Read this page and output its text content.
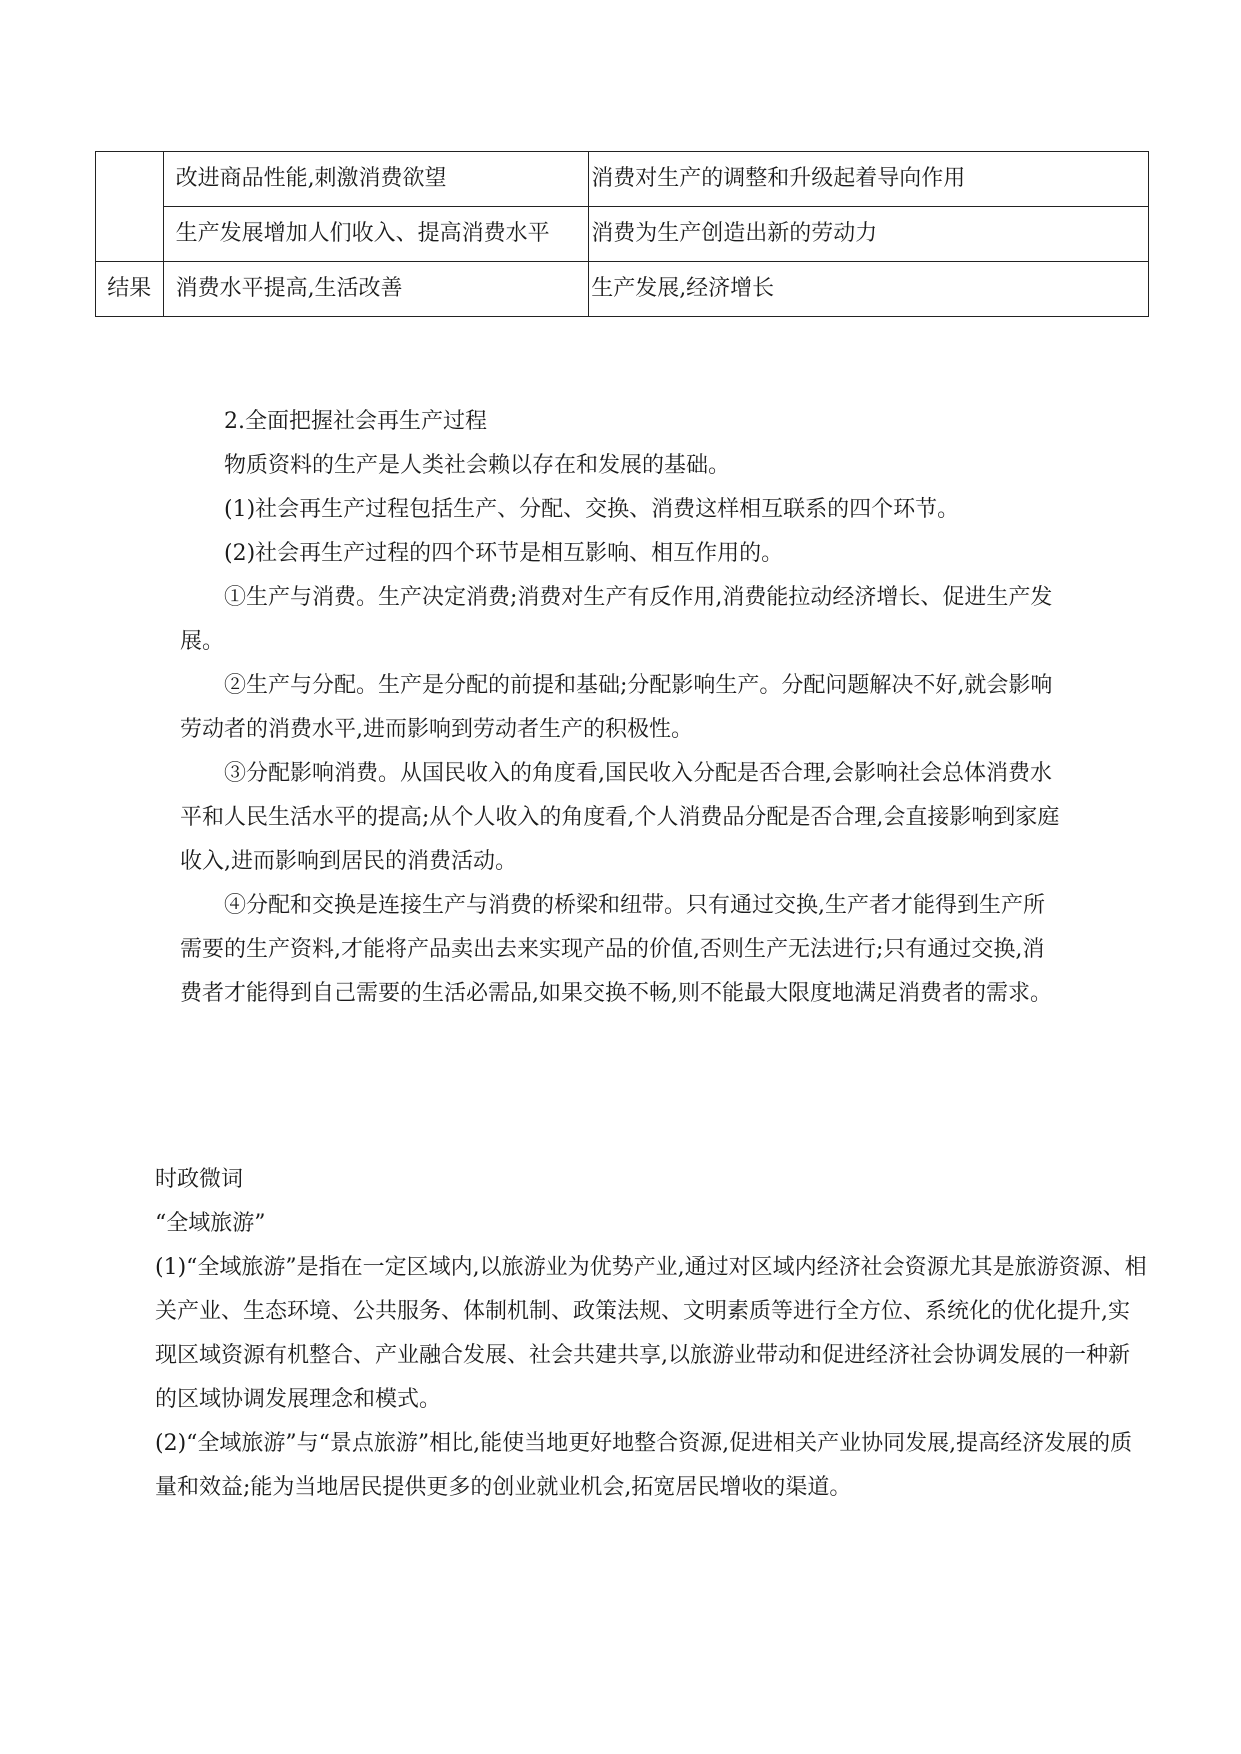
	改进商品性能,刺激消费欲望	消费对生产的调整和升级起着导向作用
	生产发展增加人们收入、提高消费水平	消费为生产创造出新的劳动力
结果	消费水平提高,生活改善	生产发展,经济增长

2.全面把握社会再生产过程

物质资料的生产是人类社会赖以存在和发展的基础。

(1)社会再生产过程包括生产、分配、交换、消费这样相互联系的四个环节。

(2)社会再生产过程的四个环节是相互影响、相互作用的。

①生产与消费。生产决定消费;消费对生产有反作用,消费能拉动经济增长、促进生产发展。

②生产与分配。生产是分配的前提和基础;分配影响生产。分配问题解决不好,就会影响劳动者的消费水平,进而影响到劳动者生产的积极性。

③分配影响消费。从国民收入的角度看,国民收入分配是否合理,会影响社会总体消费水平和人民生活水平的提高;从个人收入的角度看,个人消费品分配是否合理,会直接影响到家庭收入,进而影响到居民的消费活动。

④分配和交换是连接生产与消费的桥梁和纽带。只有通过交换,生产者才能得到生产所需要的生产资料,才能将产品卖出去来实现产品的价值,否则生产无法进行;只有通过交换,消费者才能得到自己需要的生活必需品,如果交换不畅,则不能最大限度地满足消费者的需求。

时政微词

“全域旅游”

(1)“全域旅游”是指在一定区域内,以旅游业为优势产业,通过对区域内经济社会资源尤其是旅游资源、相关产业、生态环境、公共服务、体制机制、政策法规、文明素质等进行全方位、系统化的优化提升,实现区域资源有机整合、产业融合发展、社会共建共享,以旅游业带动和促进经济社会协调发展的一种新的区域协调发展理念和模式。

(2)“全域旅游”与“景点旅游”相比,能使当地更好地整合资源,促进相关产业协同发展,提高经济发展的质量和效益;能为当地居民提供更多的创业就业机会,拓宽居民增收的渠道。
